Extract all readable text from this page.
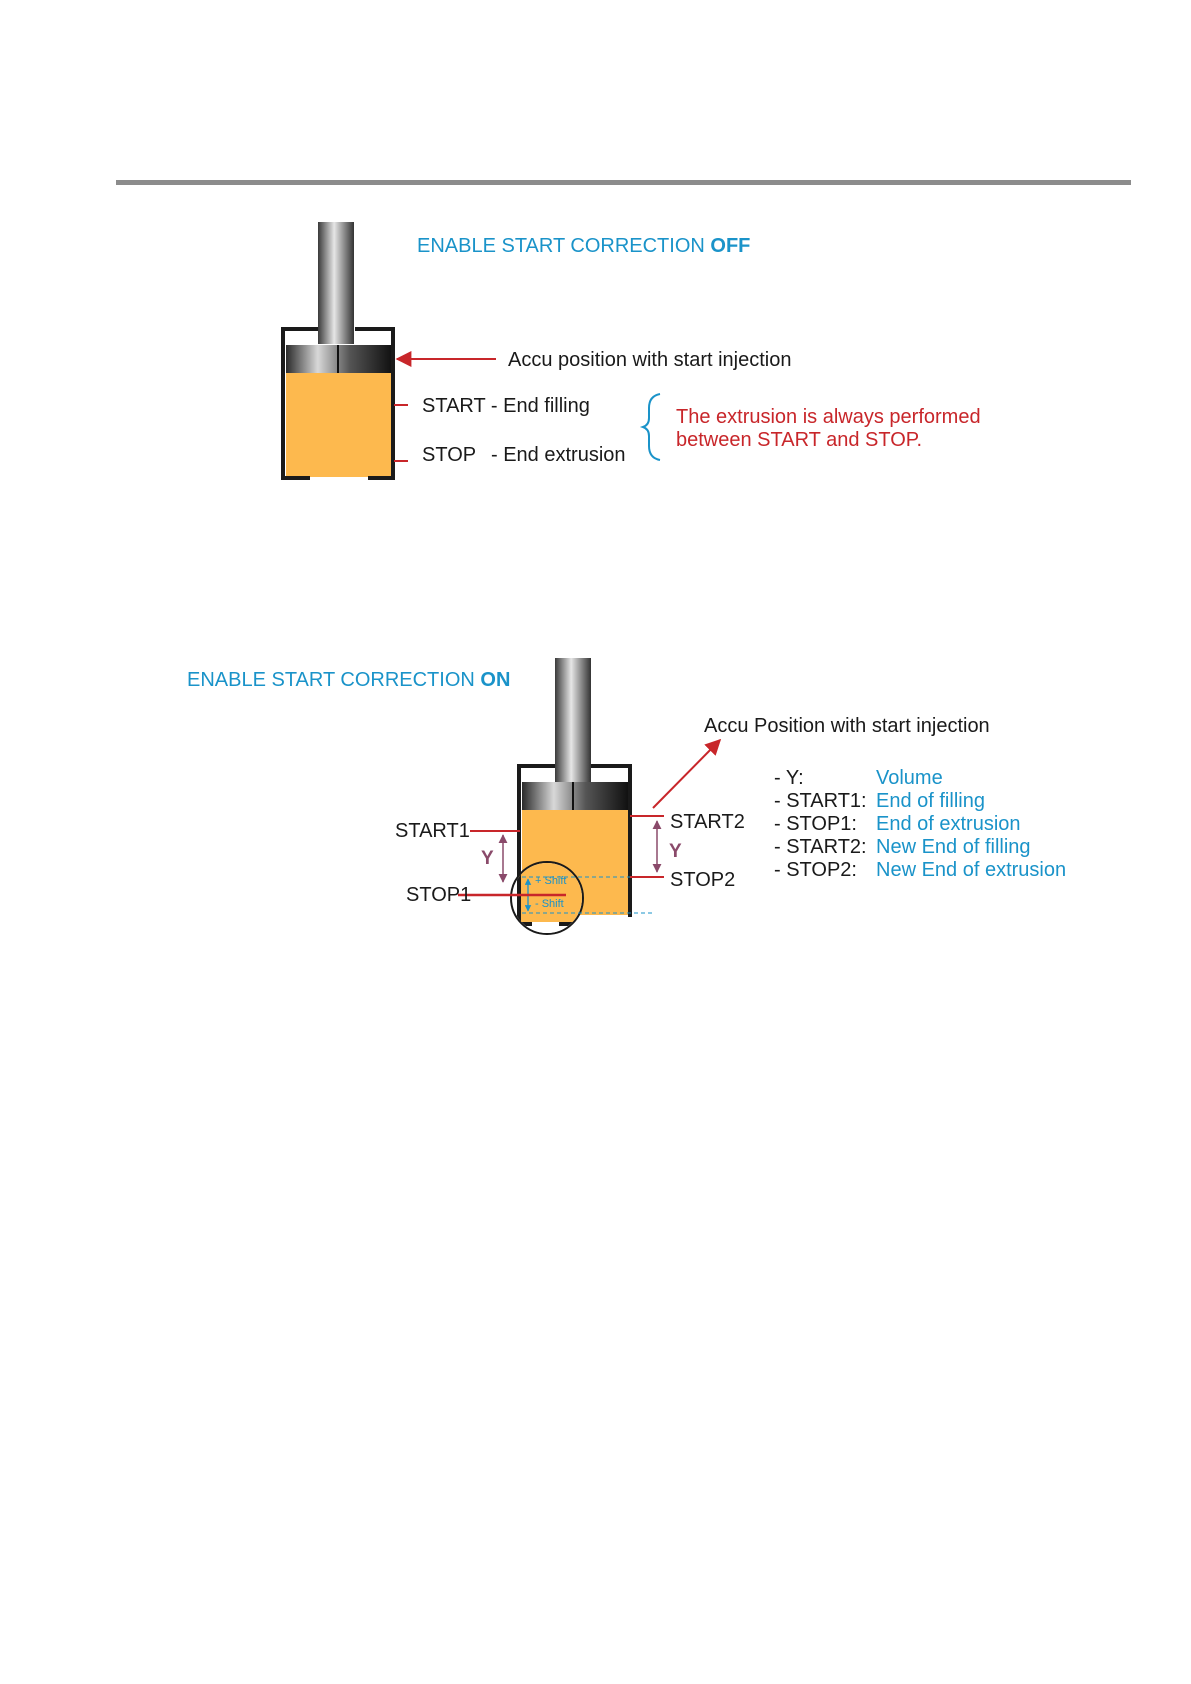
ENABLE START CORRECTION OFF
Accu position with start injection
START - End filling
STOP - End extrusion
The extrusion is always performed
between START and STOP.
ENABLE START CORRECTION ON
Accu Position with start injection
START1
STOP1
START2
STOP2
Y	Y
+ Shift
- Shift
- Y:	Volume
- START1: End of filling
- STOP1: End of extrusion
- START2: New End of filling
- STOP2: New End of extrusion
